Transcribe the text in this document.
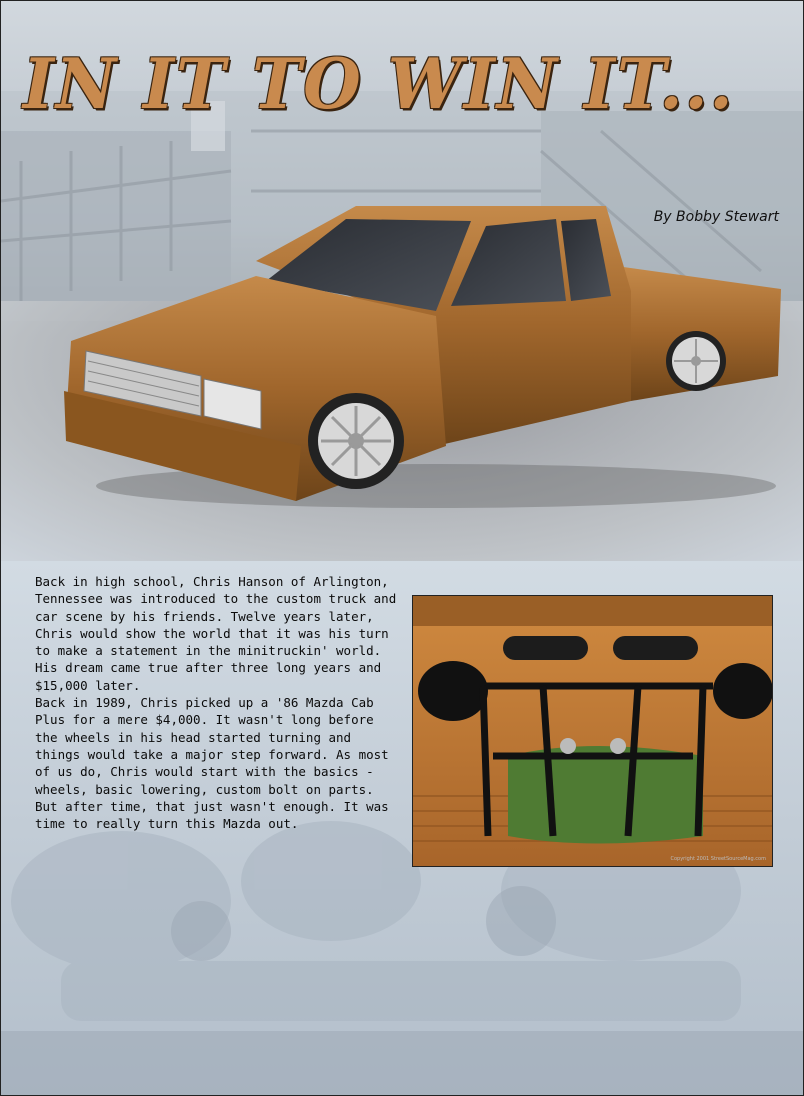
IN IT TO WIN IT...
By Bobby Stewart

Back in high school, Chris Hanson of Arlington, Tennessee was introduced to the custom truck and car scene by his friends. Twelve years later, Chris would show the world that it was his turn to make a statement in the minitruckin' world. His dream came true after three long years and $15,000 later.

Back in 1989, Chris picked up a '86 Mazda Cab Plus for a mere $4,000. It wasn't long before the wheels in his head started turning and things would take a major step forward. As most of us do, Chris would start with the basics - wheels, basic lowering, custom bolt on parts. But after time, that just wasn't enough. It was time to really turn this Mazda out.

Copyright 2001 StreetSourceMag.com
